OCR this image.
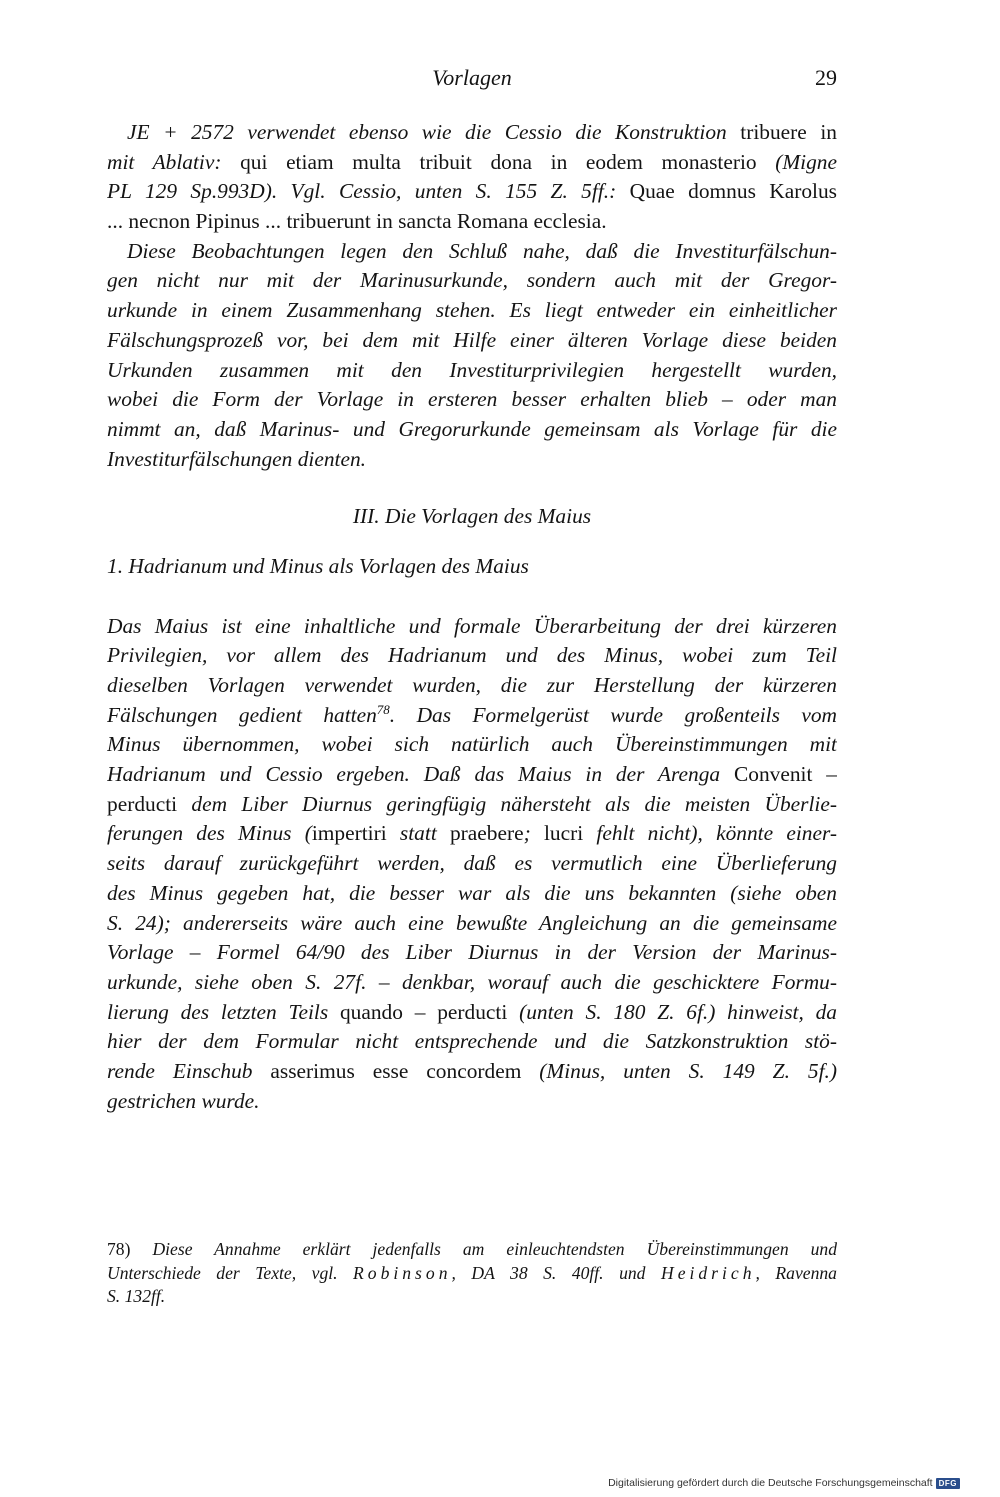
Vorlagen	29
JE + 2572 verwendet ebenso wie die Cessio die Konstruktion tribuere in
mit Ablativ: qui etiam multa tribuit dona in eodem monasterio (Migne
PL 129 Sp.993D). Vgl. Cessio, unten S. 155 Z. 5ff.: Quae domnus Karolus
... necnon Pipinus ... tribuerunt in sancta Romana ecclesia.
Diese Beobachtungen legen den Schluß nahe, daß die Investiturfälschun-
gen nicht nur mit der Marinusurkunde, sondern auch mit der Gregor-
urkunde in einem Zusammenhang stehen. Es liegt entweder ein einheitlicher
Fälschungsprozeß vor, bei dem mit Hilfe einer älteren Vorlage diese beiden
Urkunden zusammen mit den Investiturprivilegien hergestellt wurden,
wobei die Form der Vorlage in ersteren besser erhalten blieb – oder man
nimmt an, daß Marinus- und Gregorurkunde gemeinsam als Vorlage für die
Investiturfälschungen dienten.
III. Die Vorlagen des Maius
1. Hadrianum und Minus als Vorlagen des Maius
Das Maius ist eine inhaltliche und formale Überarbeitung der drei kürzeren
Privilegien, vor allem des Hadrianum und des Minus, wobei zum Teil
dieselben Vorlagen verwendet wurden, die zur Herstellung der kürzeren
Fälschungen gedient hatten$^{78}$. Das Formelgerüst wurde großenteils vom
Minus übernommen, wobei sich natürlich auch Übereinstimmungen mit
Hadrianum und Cessio ergeben. Daß das Maius in der Arenga Convenit –
perducti dem Liber Diurnus geringfügig nähersteht als die meisten Überlie-
ferungen des Minus (impertiri statt praebere; lucri fehlt nicht), könnte einer-
seits darauf zurückgeführt werden, daß es vermutlich eine Überlieferung
des Minus gegeben hat, die besser war als die uns bekannten (siehe oben
S. 24); andererseits wäre auch eine bewußte Angleichung an die gemeinsame
Vorlage – Formel 64/90 des Liber Diurnus in der Version der Marinus-
urkunde, siehe oben S. 27f. – denkbar, worauf auch die geschicktere Formu-
lierung des letzten Teils quando – perducti (unten S. 180 Z. 6f.) hinweist, da
hier der dem Formular nicht entsprechende und die Satzkonstruktion stö-
rende Einschub asserimus esse concordem (Minus, unten S. 149 Z. 5f.)
gestrichen wurde.
78) Diese Annahme erklärt jedenfalls am einleuchtendsten Übereinstimmungen und
Unterschiede der Texte, vgl. Robinson, DA 38 S. 40ff. und Heidrich, Ravenna
S. 132ff.
Digitalisierung gefördert durch die Deutsche Forschungsgemeinschaft DFG
